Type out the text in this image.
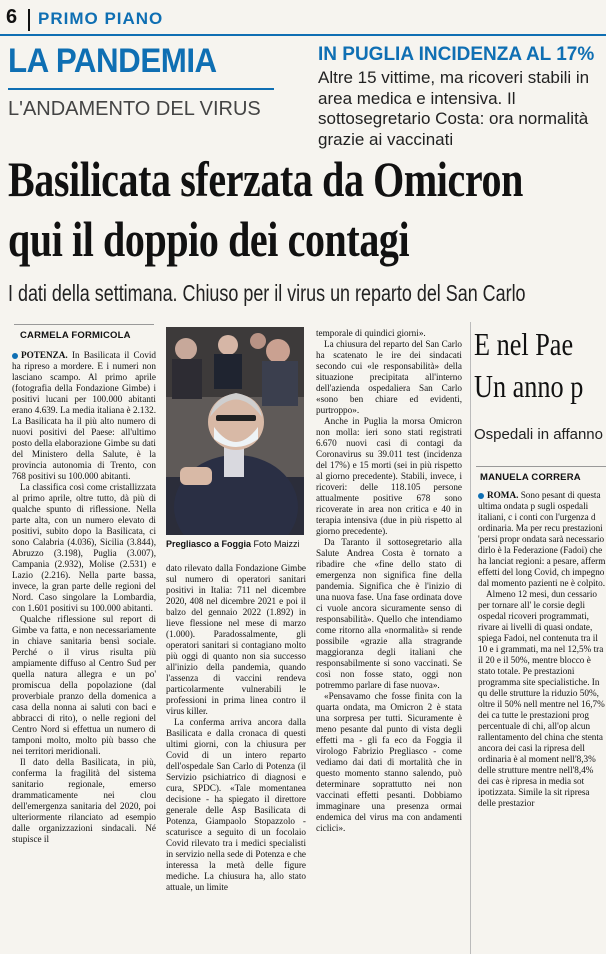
6 PRIMO PIANO
LA PANDEMIA
L'ANDAMENTO DEL VIRUS
IN PUGLIA INCIDENZA AL 17%
Altre 15 vittime, ma ricoveri stabili in area medica e intensiva. Il sottosegretario Costa: ora normalità grazie ai vaccinati
Basilicata sferzata da Omicron
qui il doppio dei contagi
I dati della settimana. Chiuso per il virus un reparto del San Carlo
CARMELA FORMICOLA

POTENZA. In Basilicata il Covid ha ripreso a mordere. E i numeri non lasciano scampo. Al primo aprile (fotografia della Fondazione Gimbe) i positivi lucani per 100.000 abitanti erano 4.639. La media italiana è 2.132. La Basilicata ha il più alto numero di nuovi positivi del Paese: all'ultimo posto della elaborazione Gimbe su dati del Ministero della Salute, è la provincia autonomia di Trento, con 768 positivi su 100.000 abitanti.

La classifica così come cristallizzata al primo aprile, oltre tutto, dà più di qualche spunto di riflessione. Nella parte alta, con un numero elevato di positivi, subito dopo la Basilicata, ci sono Calabria (4.036), Sicilia (3.844), Abruzzo (3.198), Puglia (3.007), Campania (2.932), Molise (2.531) e Lazio (2.216). Nella parte bassa, invece, la gran parte delle regioni del Nord. Caso singolare la Lombardia, con 1.601 positivi su 100.000 abitanti.

Qualche riflessione sul report di Gimbe va fatta, e non necessariamente in chiave sanitaria bensì sociale. Perché o il virus risulta più ampiamente diffuso al Centro Sud per quella natura allegra e un po' promiscua della popolazione (dal proverbiale pranzo della domenica a casa della nonna ai saluti con baci e abbracci di rito), o nelle regioni del Centro Nord si effettua un numero di tamponi molto, molto più basso che nei territori meridionali.

Il dato della Basilicata, in più, conferma la fragilità del sistema sanitario regionale, emerso drammaticamente nei clou dell'emergenza sanitaria del 2020, poi ulteriormente rilanciato ad esempio dalle organizzazioni sindacali. Né stupisce il

Pregliasco a Foggia Foto Maizzi

dato rilevato dalla Fondazione Gimbe sul numero di operatori sanitari positivi in Italia: 711 nel dicembre 2020, 408 nel dicembre 2021 e poi il balzo del gennaio 2022 (1.892) in lieve flessione nel mese di marzo (1.000). Paradossalmente, gli operatori sanitari si contagiano molto più oggi di quanto non sia successo all'inizio della pandemia, quando l'assenza di vaccini rendeva particolarmente vulnerabili le professioni in prima linea contro il virus killer.

La conferma arriva ancora dalla Basilicata e dalla cronaca di questi ultimi giorni, con la chiusura per Covid di un intero reparto dell'ospedale San Carlo di Potenza (il Servizio psichiatrico di diagnosi e cura, SPDC). «Tale momentanea decisione - ha spiegato il direttore generale delle Asp Basilicata di Potenza, Giampaolo Stopazzolo - scaturisce a seguito di un focolaio Covid rilevato tra i medici specialisti in servizio nella sede di Potenza e che interessa la metà delle figure mediche. La chiusura ha, allo stato attuale, un limite

temporale di quindici giorni».

La chiusura del reparto del San Carlo ha scatenato le ire dei sindacati secondo cui «le responsabilità» della situazione precipitata all'interno dell'azienda ospedaliera San Carlo «sono ben chiare ed evidenti, purtroppo».

Anche in Puglia la morsa Omicron non molla: ieri sono stati registrati 6.670 nuovi casi di contagi da Coronavirus su 39.011 test (incidenza del 17%) e 15 morti (sei in più rispetto al giorno precedente). Stabili, invece, i ricoveri: delle 118.105 persone attualmente positive 678 sono ricoverate in area non critica e 40 in terapia intensiva (due in più rispetto al giorno precedente).

Da Taranto il sottosegretario alla Salute Andrea Costa è tornato a ribadire che «fine dello stato di emergenza non significa fine della pandemia. Significa che è l'inizio di una nuova fase. Una fase ordinata dove ci vuole ancora sicuramente senso di responsabilità». Quello che intendiamo come ritorno alla «normalità» si rende possibile «grazie alla stragrande maggioranza degli italiani che responsabilmente si sono vaccinati. Se così non fosse stato, oggi non potremmo parlare di fase nuova».

«Pensavamo che fosse finita con la quarta ondata, ma Omicron 2 è stata una sorpresa per tutti. Sicuramente è meno pesante dal punto di vista degli effetti ma - gli fa eco da Foggia il virologo Fabrizio Pregliasco - come vediamo dai dati di mortalità che in questo momento stanno salendo, può determinare soprattutto nei non vaccinati effetti pesanti. Dobbiamo immaginare una presenza ormai endemica del virus ma con andamenti ciclici».

E nel Pae
Un anno p
Ospedali in affanno
MANUELA CORRERA

ROMA. Sono pesant di questa ultima ondata p sugli ospedali italiani, c i conti con l'urgenza d ordinaria. Ma per recu prestazioni 'persi propr ondata sarà necessario dirlo è la Federazione (Fadoi) che ha lanciat regioni: a pesare, afferm effetti del long Covid, ch impegno dal momento pazienti ne è colpito.

Almeno 12 mesi, dun cessario per tornare all' le corsie degli ospedal ricoveri programmati, rivare ai livelli di quasi ondate, spiega Fadoi, nel contenuta tra il 10 e i grammati, ma nel 12,5% tra il 20 e il 50%, mentre blocco è stato totale. Pe prestazioni programma site specialistiche. In qu delle strutture la riduzio 50%, oltre il 50% nell mentre nel 16,7% dei ca tutte le prestazioni prog percentuale di chi, all'op alcun rallentamento del china che stenta ancora dei casi la ripresa dell ordinaria è al moment nell'8,3% delle strutture mentre nell'8,4% dei cas è ripresa in media sot ipotizzata. Simile la sit ripresa delle prestazior
